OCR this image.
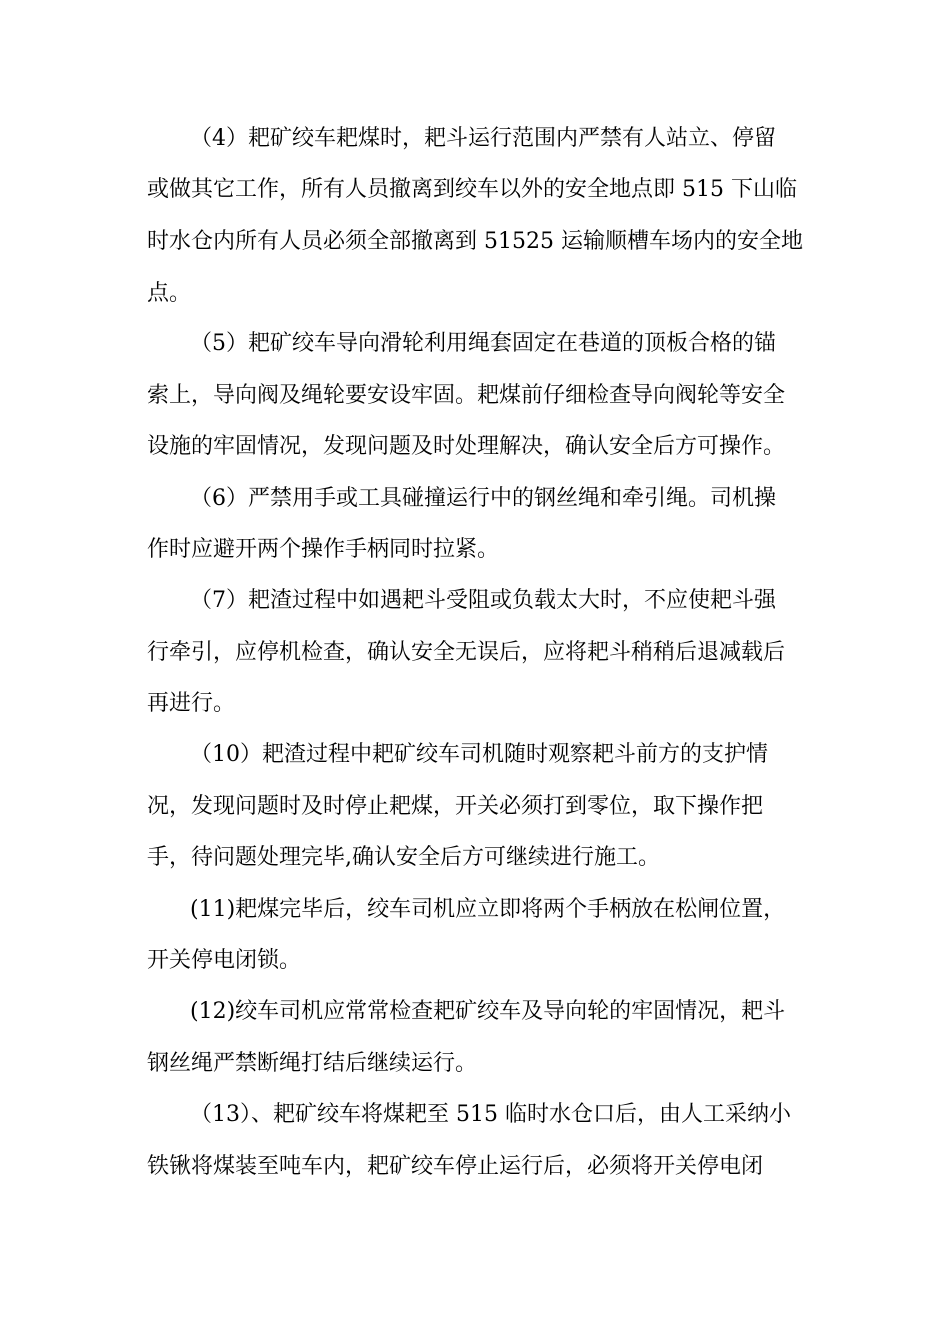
（4）耙矿绞车耙煤时，耙斗运行范围内严禁有人站立、停留
或做其它工作，所有人员撤离到绞车以外的安全地点即 515 下山临
时水仓内所有人员必须全部撤离到 51525 运输顺槽车场内的安全地
点。
（5）耙矿绞车导向滑轮利用绳套固定在巷道的顶板合格的锚
索上，导向阀及绳轮要安设牢固。耙煤前仔细检查导向阀轮等安全
设施的牢固情况，发现问题及时处理解决，确认安全后方可操作。
（6）严禁用手或工具碰撞运行中的钢丝绳和牵引绳。司机操
作时应避开两个操作手柄同时拉紧。
（7）耙渣过程中如遇耙斗受阻或负载太大时，不应使耙斗强
行牵引，应停机检查，确认安全无误后，应将耙斗稍稍后退减载后
再进行。
（10）耙渣过程中耙矿绞车司机随时观察耙斗前方的支护情
况，发现问题时及时停止耙煤，开关必须打到零位，取下操作把
手，待问题处理完毕,确认安全后方可继续进行施工。
(11)耙煤完毕后，绞车司机应立即将两个手柄放在松闸位置，
开关停电闭锁。
(12)绞车司机应常常检查耙矿绞车及导向轮的牢固情况，耙斗
钢丝绳严禁断绳打结后继续运行。
（13）、耙矿绞车将煤耙至 515 临时水仓口后，由人工采纳小
铁锹将煤装至吨车内，耙矿绞车停止运行后，必须将开关停电闭
